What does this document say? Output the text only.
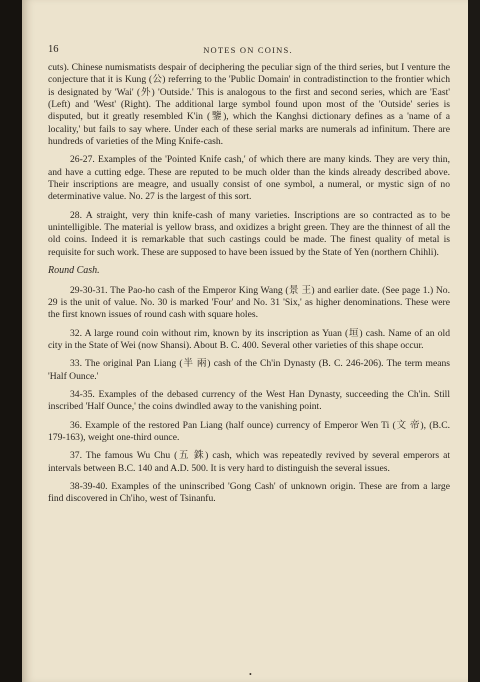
16	NOTES ON COINS.

cuts). Chinese numismatists despair of deciphering the peculiar sign of the third series, but I venture the conjecture that it is Kung (公) referring to the 'Public Domain' in contradistinction to the frontier which is designated by 'Wai' (外) 'Outside.' This is analogous to the first and second series, which are 'East' (Left) and 'West' (Right). The additional large symbol found upon most of the 'Outside' series is disputed, but it greatly resembled K'in (鑒), which the Kanghsi dictionary defines as a 'name of a locality,' but fails to say where. Under each of these serial marks are numerals ad infinitum. There are hundreds of varieties of the Ming Knife-cash.

26-27. Examples of the 'Pointed Knife cash,' of which there are many kinds. They are very thin, and have a cutting edge. These are reputed to be much older than the kinds already described above. Their inscriptions are meagre, and usually consist of one symbol, a numeral, or mystic sign of no determinative value. No. 27 is the largest of this sort.

28. A straight, very thin knife-cash of many varieties. Inscriptions are so contracted as to be unintelligible. The material is yellow brass, and oxidizes a bright green. They are the thinnest of all the old coins. Indeed it is remarkable that such castings could be made. The finest quality of metal is requisite for such work. These are supposed to have been issued by the State of Yen (northern Chihli).

Round Cash.

29-30-31. The Pao-ho cash of the Emperor King Wang (景 王) and earlier date. (See page 1.) No. 29 is the unit of value. No. 30 is marked 'Four' and No. 31 'Six,' as higher denominations. These were the first known issues of round cash with square holes.

32. A large round coin without rim, known by its inscription as Yuan (垣) cash. Name of an old city in the State of Wei (now Shansi). About B. C. 400. Several other varieties of this shape occur.

33. The original Pan Liang (半 兩) cash of the Ch'in Dynasty (B. C. 246-206). The term means 'Half Ounce.'

34-35. Examples of the debased currency of the West Han Dynasty, succeeding the Ch'in. Still inscribed 'Half Ounce,' the coins dwindled away to the vanishing point.

36. Example of the restored Pan Liang (half ounce) currency of Emperor Wen Ti (文 帝), (B.C. 179-163), weight one-third ounce.

37. The famous Wu Chu (五 銖) cash, which was repeatedly revived by several emperors at intervals between B.C. 140 and A.D. 500. It is very hard to distinguish the several issues.

38-39-40. Examples of the uninscribed 'Gong Cash' of unknown origin. These are from a large find discovered in Ch'iho, west of Tsinanfu.

•
